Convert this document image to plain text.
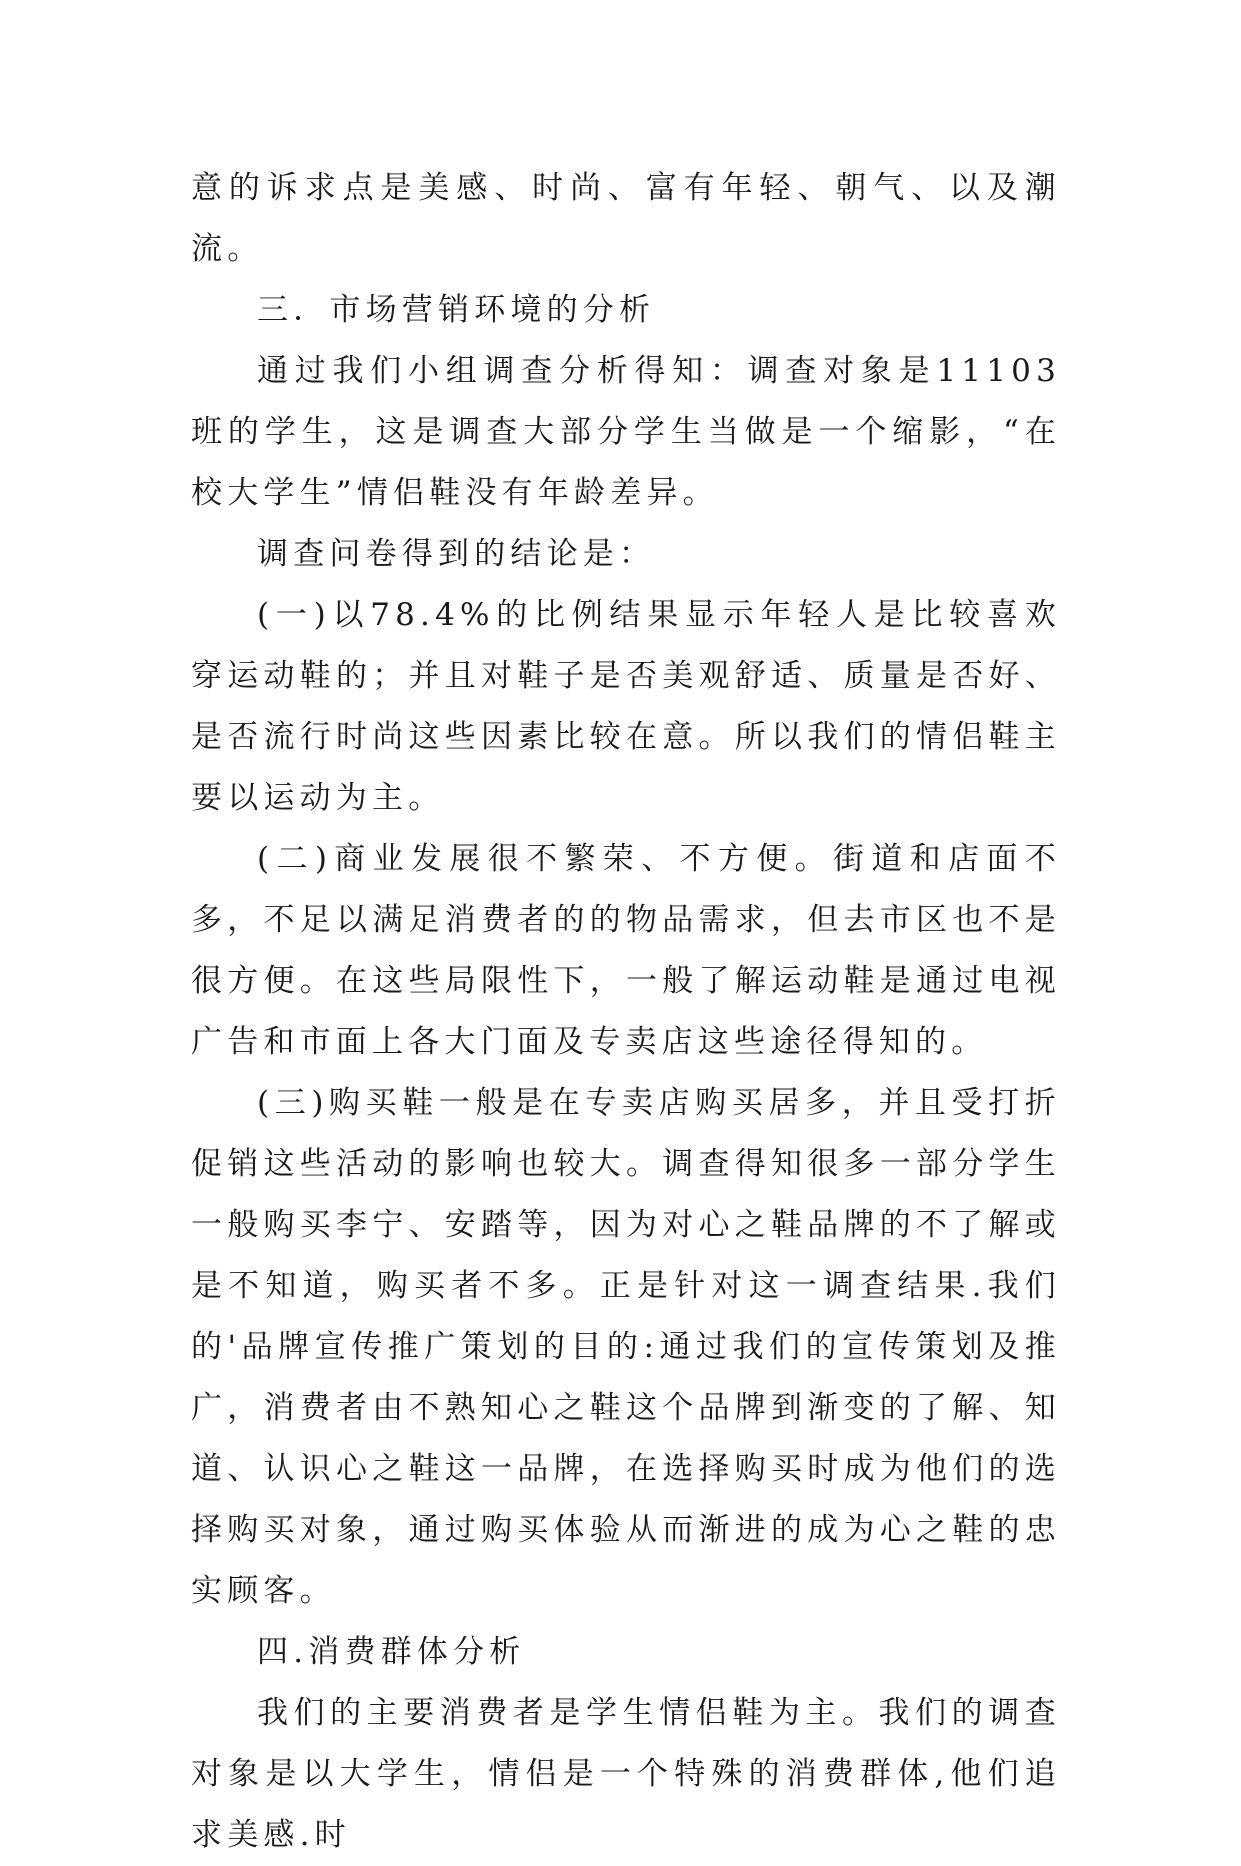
意的诉求点是美感、时尚、富有年轻、朝气、以及潮流。

三．市场营销环境的分析

通过我们小组调查分析得知：调查对象是11103班的学生，这是调查大部分学生当做是一个缩影，“在校大学生”情侣鞋没有年龄差异。

调查问卷得到的结论是：

(一)以78.4%的比例结果显示年轻人是比较喜欢穿运动鞋的；并且对鞋子是否美观舒适、质量是否好、是否流行时尚这些因素比较在意。所以我们的情侣鞋主要以运动为主。

(二)商业发展很不繁荣、不方便。街道和店面不多，不足以满足消费者的的物品需求，但去市区也不是很方便。在这些局限性下，一般了解运动鞋是通过电视广告和市面上各大门面及专卖店这些途径得知的。

(三)购买鞋一般是在专卖店购买居多，并且受打折促销这些活动的影响也较大。调查得知很多一部分学生一般购买李宁、安踏等，因为对心之鞋品牌的不了解或是不知道，购买者不多。正是针对这一调查结果.我们的'品牌宣传推广策划的目的:通过我们的宣传策划及推广，消费者由不熟知心之鞋这个品牌到渐变的了解、知道、认识心之鞋这一品牌，在选择购买时成为他们的选择购买对象，通过购买体验从而渐进的成为心之鞋的忠实顾客。

四.消费群体分析

我们的主要消费者是学生情侣鞋为主。我们的调查对象是以大学生，情侣是一个特殊的消费群体,他们追求美感.时
